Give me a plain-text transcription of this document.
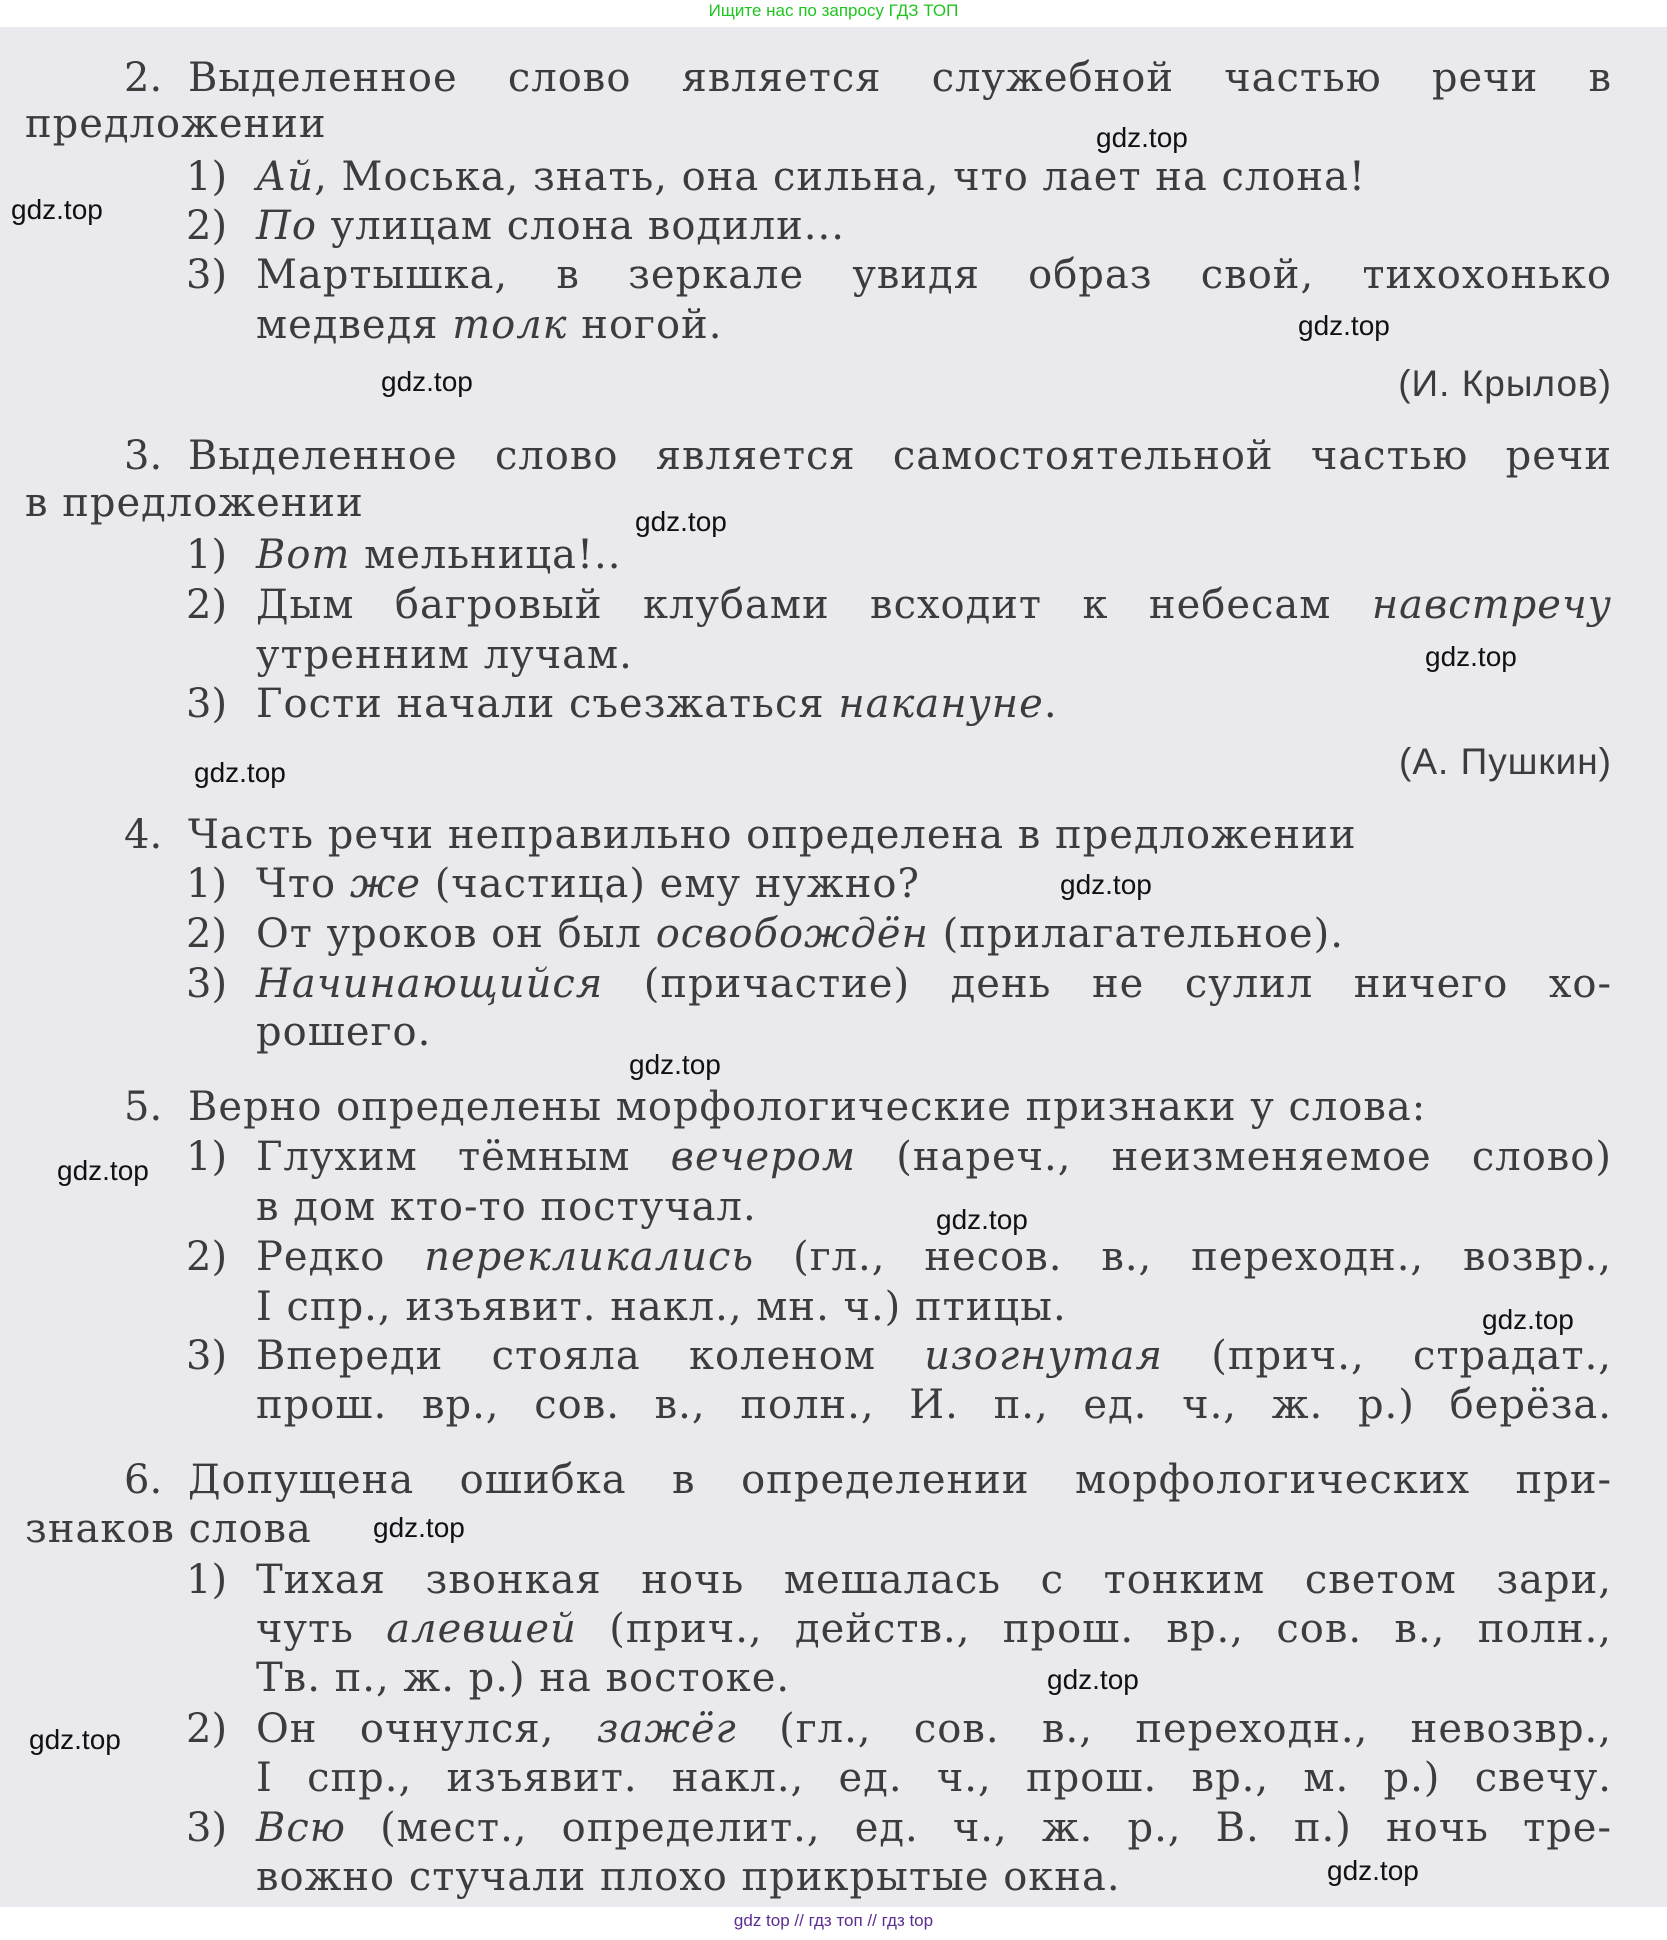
Ищите нас по запросу ГДЗ ТОП
2. Выделенное слово является служебной частью речи в
предложении
1) Ай, Моська, знать, она сильна, что лает на слона!
2) По улицам слона водили...
3) Мартышка, в зеркале увидя образ свой, тихохонько
медведя толк ногой.
(И. Крылов)
3. Выделенное слово является самостоятельной частью речи
в предложении
1) Вот мельница!..
2) Дым багровый клубами всходит к небесам навстречу
утренним лучам.
3) Гости начали съезжаться накануне.
(А. Пушкин)
4. Часть речи неправильно определена в предложении
1) Что же (частица) ему нужно?
2) От уроков он был освобождён (прилагательное).
3) Начинающийся (причастие) день не сулил ничего хо-
рошего.
5. Верно определены морфологические признаки у слова:
1) Глухим тёмным вечером (нареч., неизменяемое слово)
в дом кто-то постучал.
2) Редко перекликались (гл., несов. в., переходн., возвр.,
I спр., изъявит. накл., мн. ч.) птицы.
3) Впереди стояла коленом изогнутая (прич., страдат.,
прош. вр., сов. в., полн., И. п., ед. ч., ж. р.) берёза.
6. Допущена ошибка в определении морфологических при-
знаков слова
1) Тихая звонкая ночь мешалась с тонким светом зари,
чуть алевшей (прич., действ., прош. вр., сов. в., полн.,
Тв. п., ж. р.) на востоке.
2) Он очнулся, зажёг (гл., сов. в., переходн., невозвр.,
I спр., изъявит. накл., ед. ч., прош. вр., м. р.) свечу.
3) Всю (мест., определит., ед. ч., ж. р., В. п.) ночь тре-
вожно стучали плохо прикрытые окна.
gdz.top
gdz.top
gdz.top
gdz.top
gdz.top
gdz.top
gdz.top
gdz.top
gdz.top
gdz.top
gdz.top
gdz.top
gdz.top
gdz.top
gdz.top
gdz.top
gdz top // гдз топ // гдз top
